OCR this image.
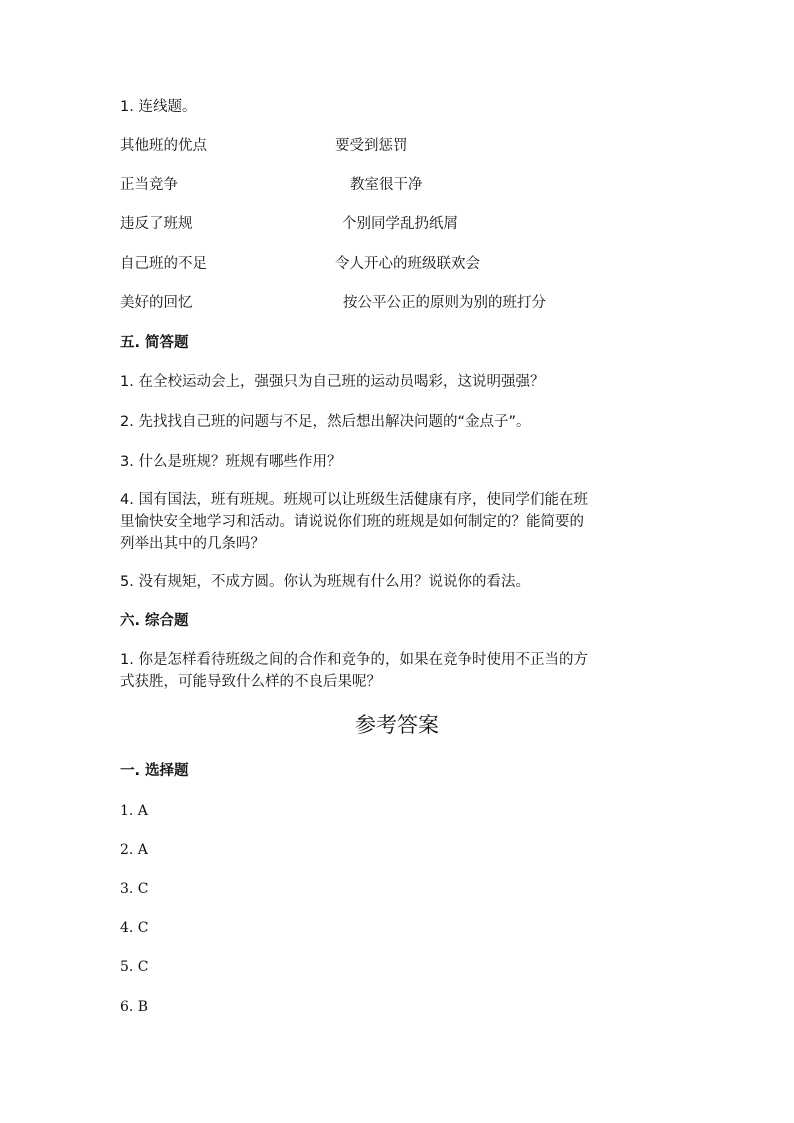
1. 连线题。
其他班的优点	要受到惩罚
正当竞争	教室很干净
违反了班规	个别同学乱扔纸屑
自己班的不足	令人开心的班级联欢会
美好的回忆	按公平公正的原则为别的班打分
五. 简答题
1. 在全校运动会上，强强只为自己班的运动员喝彩，这说明强强？
2. 先找找自己班的问题与不足，然后想出解决问题的“金点子”。
3. 什么是班规？班规有哪些作用？
4. 国有国法，班有班规。班规可以让班级生活健康有序，使同学们能在班里愉快安全地学习和活动。请说说你们班的班规是如何制定的？能简要的列举出其中的几条吗？
5. 没有规矩，不成方圆。你认为班规有什么用？说说你的看法。
六. 综合题
1. 你是怎样看待班级之间的合作和竞争的，如果在竞争时使用不正当的方式获胜，可能导致什么样的不良后果呢？
参考答案
一. 选择题
1. A
2. A
3. C
4. C
5. C
6. B
